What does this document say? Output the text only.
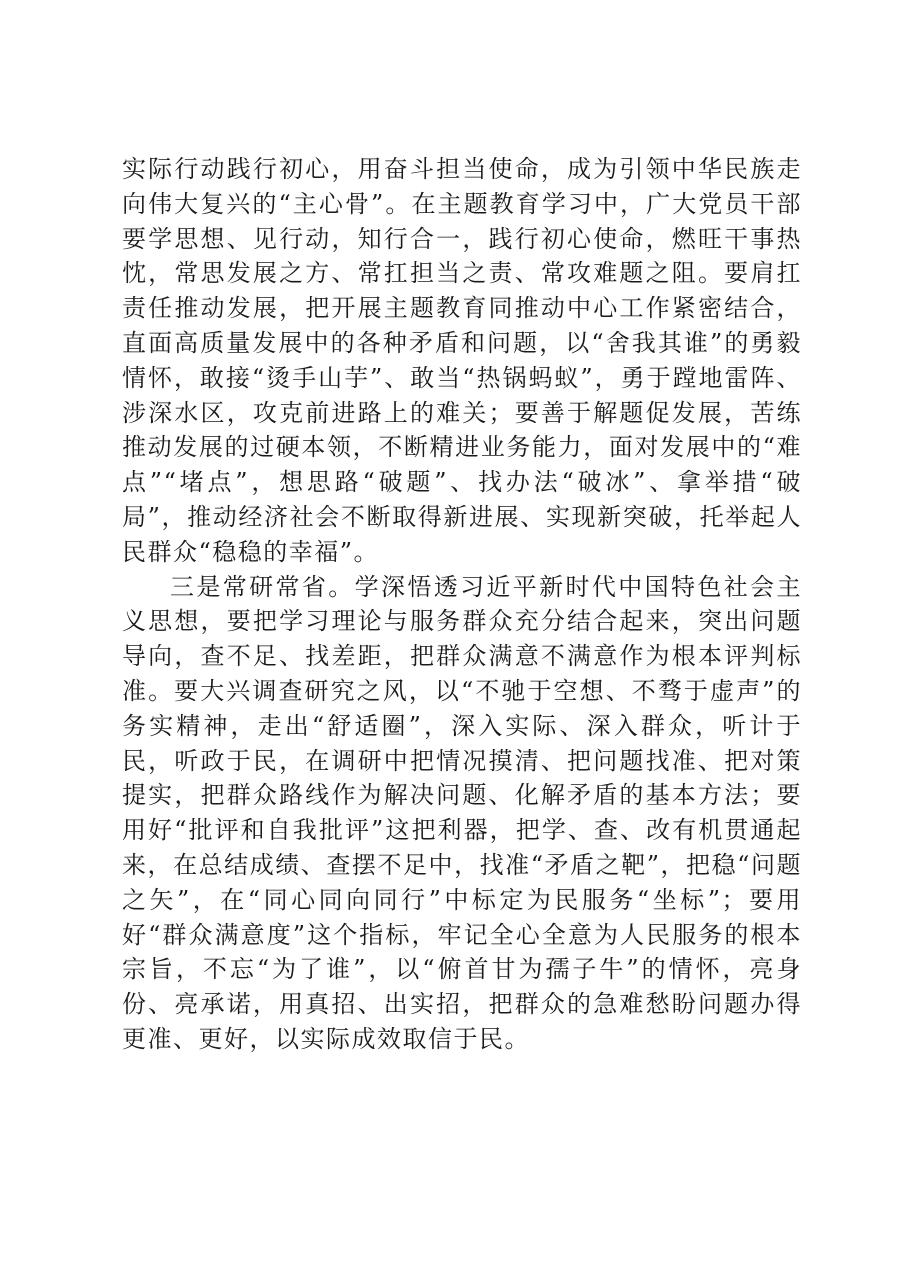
实际行动践行初心，用奋斗担当使命，成为引领中华民族走向伟大复兴的“主心骨”。在主题教育学习中，广大党员干部要学思想、见行动，知行合一，践行初心使命，燃旺干事热忱，常思发展之方、常扛担当之责、常攻难题之阻。要肩扛责任推动发展，把开展主题教育同推动中心工作紧密结合，直面高质量发展中的各种矛盾和问题，以“舍我其谁”的勇毅情怀，敢接“烫手山芋”、敢当“热锅蚂蚁”，勇于蹚地雷阵、涉深水区，攻克前进路上的难关；要善于解题促发展，苦练推动发展的过硬本领，不断精进业务能力，面对发展中的“难点”“堵点”，想思路“破题”、找办法“破冰”、拿举措“破局”，推动经济社会不断取得新进展、实现新突破，托举起人民群众“稳稳的幸福”。

三是常研常省。学深悟透习近平新时代中国特色社会主义思想，要把学习理论与服务群众充分结合起来，突出问题导向，查不足、找差距，把群众满意不满意作为根本评判标准。要大兴调查研究之风，以“不驰于空想、不骛于虚声”的务实精神，走出“舒适圈”，深入实际、深入群众，听计于民，听政于民，在调研中把情况摸清、把问题找准、把对策提实，把群众路线作为解决问题、化解矛盾的基本方法；要用好“批评和自我批评”这把利器，把学、查、改有机贯通起来，在总结成绩、查摆不足中，找准“矛盾之靶”，把稳“问题之矢”，在“同心同向同行”中标定为民服务“坐标”；要用好“群众满意度”这个指标，牢记全心全意为人民服务的根本宗旨，不忘“为了谁”，以“俯首甘为孺子牛”的情怀，亮身份、亮承诺，用真招、出实招，把群众的急难愁盼问题办得更准、更好，以实际成效取信于民。
